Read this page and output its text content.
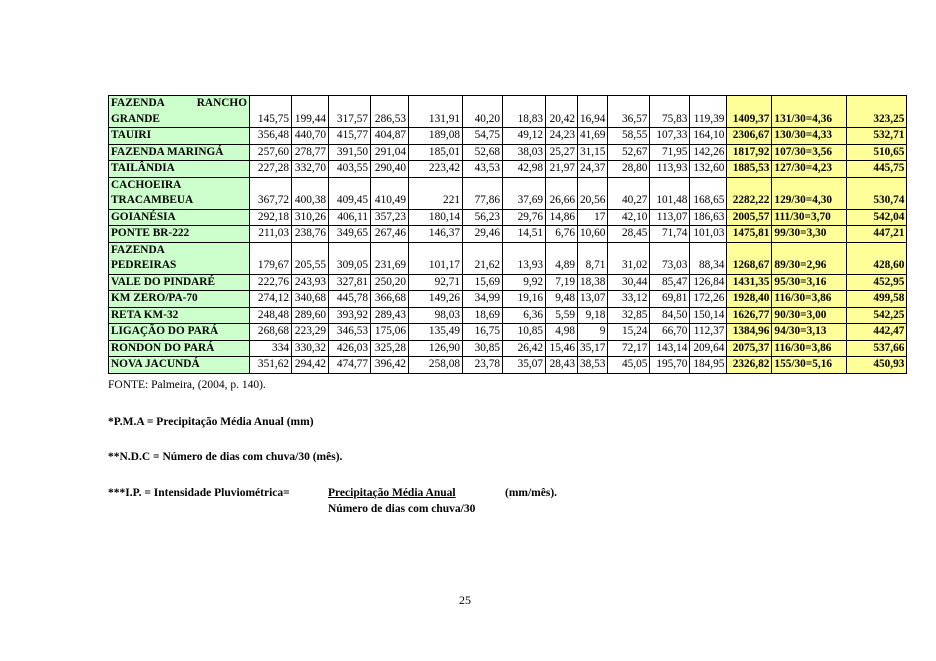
FAZENDA RANCHO
GRANDE	145,75	199,44	317,57	286,53	131,91	40,20	18,83	20,42	16,94	36,57	75,83	119,39	1409,37	131/30=4,36	323,25

TAUIRI	356,48	440,70	415,77	404,87	189,08	54,75	49,12	24,23	41,69	58,55	107,33	164,10	2306,67	130/30=4,33	532,71

FAZENDA MARINGÁ	257,60	278,77	391,50	291,04	185,01	52,68	38,03	25,27	31,15	52,67	71,95	142,26	1817,92	107/30=3,56	510,65

TAILÂNDIA	227,28	332,70	403,55	290,40	223,42	43,53	42,98	21,97	24,37	28,80	113,93	132,60	1885,53	127/30=4,23	445,75

CACHOEIRA
TRACAMBEUA	367,72	400,38	409,45	410,49	221	77,86	37,69	26,66	20,56	40,27	101,48	168,65	2282,22	129/30=4,30	530,74

GOIANÉSIA	292,18	310,26	406,11	357,23	180,14	56,23	29,76	14,86	17	42,10	113,07	186,63	2005,57	111/30=3,70	542,04

PONTE BR-222	211,03	238,76	349,65	267,46	146,37	29,46	14,51	6,76	10,60	28,45	71,74	101,03	1475,81	99/30=3,30	447,21

FAZENDA
PEDREIRAS	179,67	205,55	309,05	231,69	101,17	21,62	13,93	4,89	8,71	31,02	73,03	88,34	1268,67	89/30=2,96	428,60

VALE DO PINDARÉ	222,76	243,93	327,81	250,20	92,71	15,69	9,92	7,19	18,38	30,44	85,47	126,84	1431,35	95/30=3,16	452,95

KM ZERO/PA-70	274,12	340,68	445,78	366,68	149,26	34,99	19,16	9,48	13,07	33,12	69,81	172,26	1928,40	116/30=3,86	499,58

RETA KM-32	248,48	289,60	393,92	289,43	98,03	18,69	6,36	5,59	9,18	32,85	84,50	150,14	1626,77	90/30=3,00	542,25

LIGAÇÃO DO PARÁ	268,68	223,29	346,53	175,06	135,49	16,75	10,85	4,98	9	15,24	66,70	112,37	1384,96	94/30=3,13	442,47

RONDON DO PARÁ	334	330,32	426,03	325,28	126,90	30,85	26,42	15,46	35,17	72,17	143,14	209,64	2075,37	116/30=3,86	537,66

NOVA JACUNDÁ	351,62	294,42	474,77	396,42	258,08	23,78	35,07	28,43	38,53	45,05	195,70	184,95	2326,82	155/30=5,16	450,93
FONTE: Palmeira, (2004, p. 140).
*P.M.A = Precipitação Média Anual (mm)
**N.D.C = Número de dias com chuva/30 (mês).
***I.P. = Intensidade Pluviométrica=	Precipitação Média Anual	(mm/mês).
Número de dias com chuva/30
25
